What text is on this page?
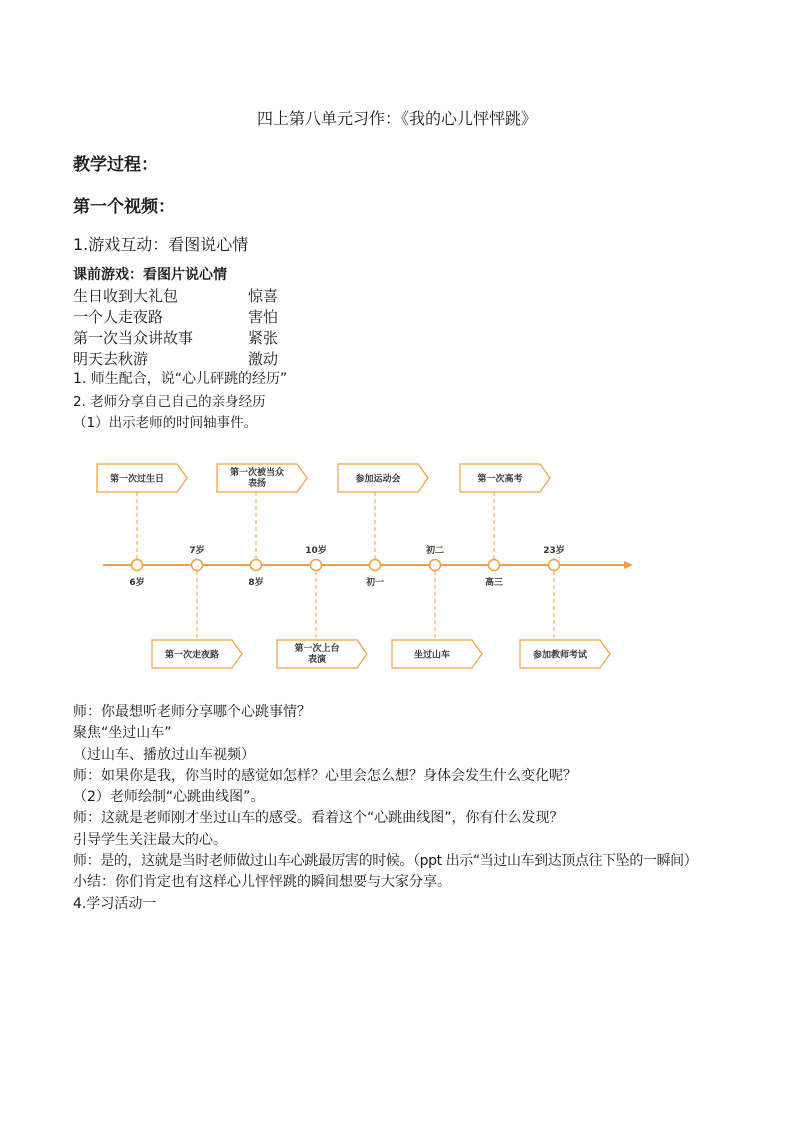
四上第八单元习作：《我的心儿怦怦跳》
教学过程：
第一个视频：
1.游戏互动：看图说心情
课前游戏：看图片说心情
生日收到大礼包	惊喜
一个人走夜路	害怕
第一次当众讲故事	紧张
明天去秋游	激动
1. 师生配合，说“心儿砰跳的经历”
2. 老师分享自己自己的亲身经历
（1）出示老师的时间轴事件。
6岁
第一次过生日
7岁
第一次走夜路
8岁
第一次被当众表扬
10岁
第一次上台表演
初一
参加运动会
初二
坐过山车
高三
第一次高考
23岁
参加教师考试
师：你最想听老师分享哪个心跳事情？
聚焦“坐过山车”
（过山车、播放过山车视频）
师：如果你是我，你当时的感觉如怎样？心里会怎么想？身体会发生什么变化呢？
（2）老师绘制“心跳曲线图”。
师：这就是老师刚才坐过山车的感受。看着这个“心跳曲线图”，你有什么发现？
引导学生关注最大的心。
师：是的，这就是当时老师做过山车心跳最厉害的时候。（ppt 出示“当过山车到达顶点往下坠的一瞬间）
小结：你们肯定也有这样心儿怦怦跳的瞬间想要与大家分享。
4.学习活动一
